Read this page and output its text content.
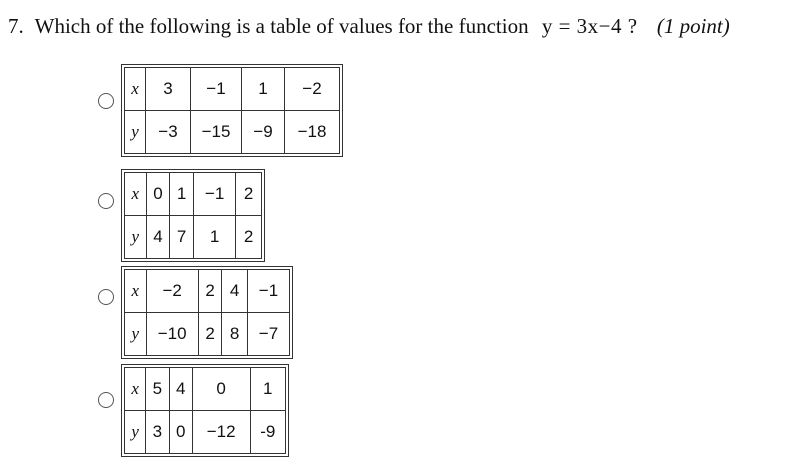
7. Which of the following is a table of values for the function y = 3x−4 ? (1 point)
x	3	−1	1	−2
y	−3	−15	−9	−18
x	0	1	−1	2
y	4	7	1	2
x	−2	2	4	−1
y	−10	2	8	−7
x	5	4	0	1
y	3	0	−12	-9
